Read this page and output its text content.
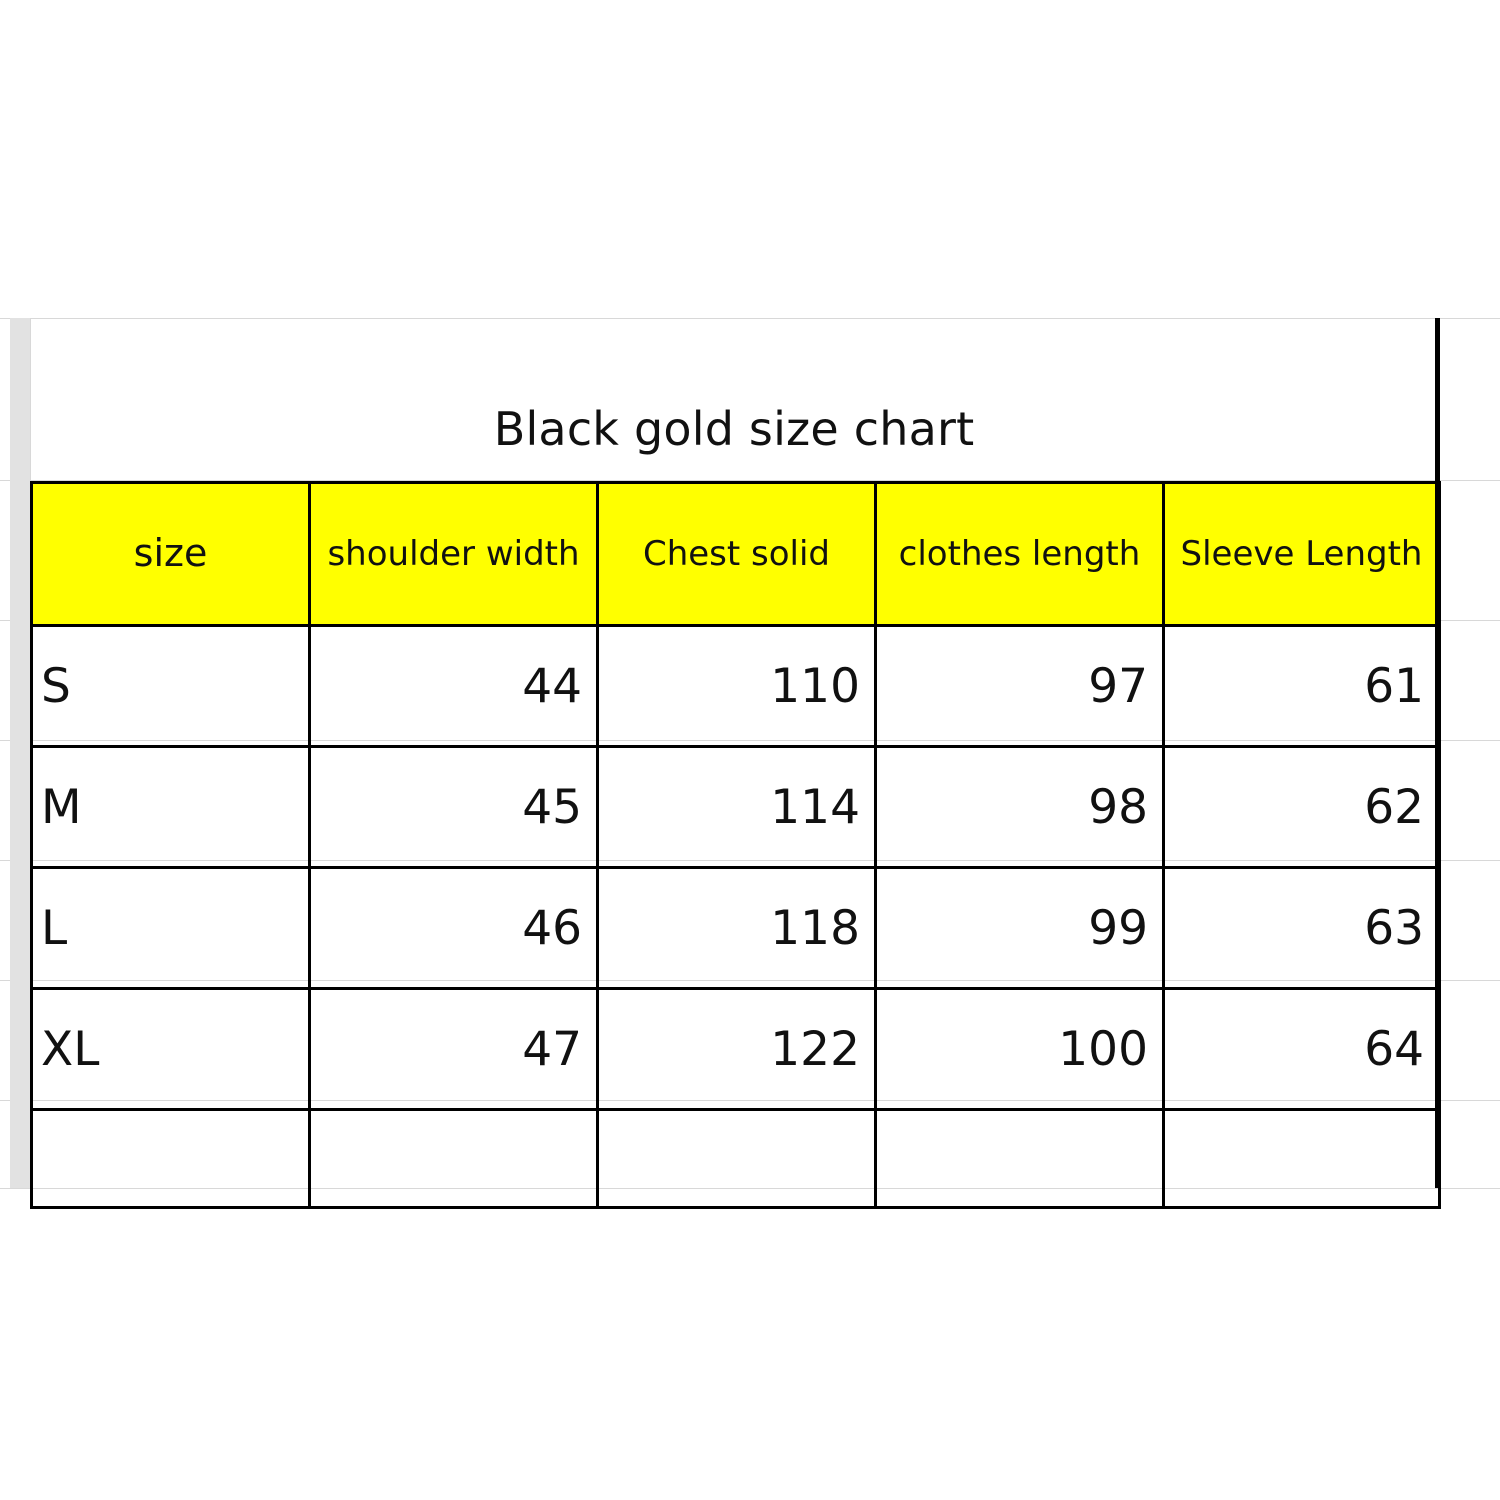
Black gold size chart
size	shoulder width	Chest solid	clothes length	Sleeve Length
S	44	110	97	61
M	45	114	98	62
L	46	118	99	63
XL	47	122	100	64
